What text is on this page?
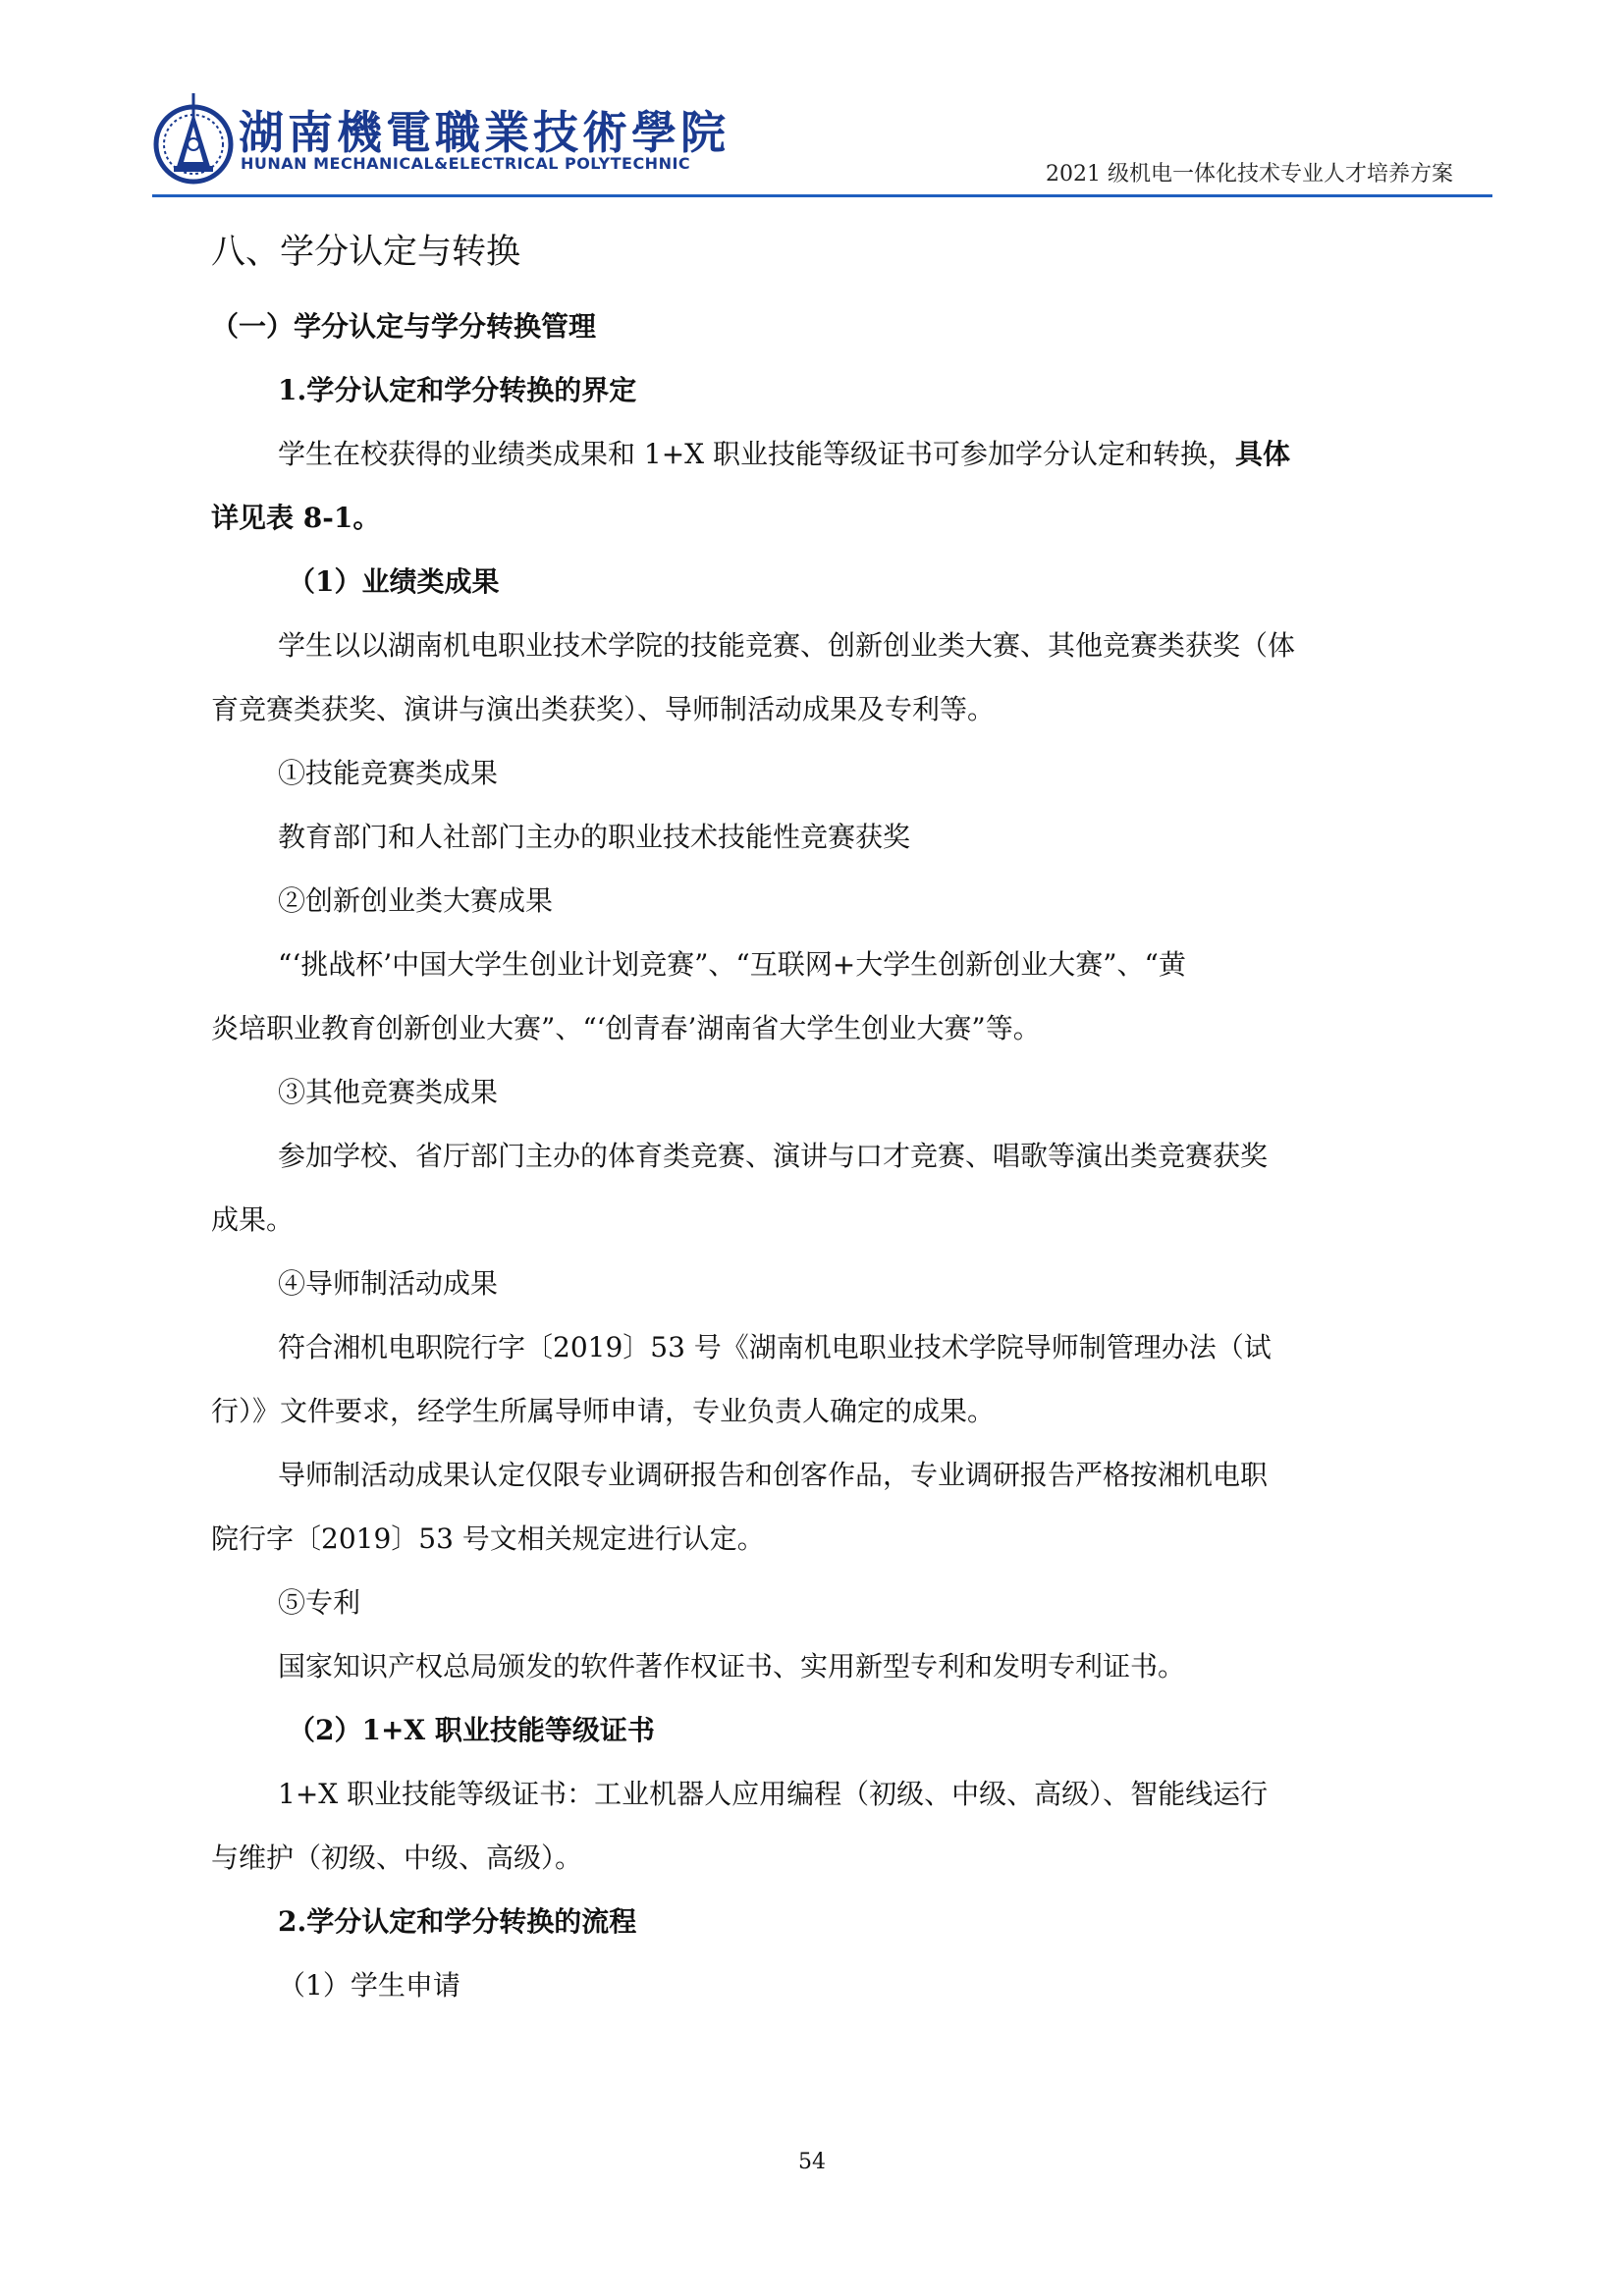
湖南機電職業技術學院
HUNAN MECHANICAL&ELECTRICAL POLYTECHNIC	2021 级机电一体化技术专业人才培养方案
八、学分认定与转换
（一）学分认定与学分转换管理
1.学分认定和学分转换的界定
学生在校获得的业绩类成果和 1+X 职业技能等级证书可参加学分认定和转换，具体
详见表 8-1。
（1）业绩类成果
学生以以湖南机电职业技术学院的技能竞赛、创新创业类大赛、其他竞赛类获奖（体
育竞赛类获奖、演讲与演出类获奖）、导师制活动成果及专利等。
①技能竞赛类成果
教育部门和人社部门主办的职业技术技能性竞赛获奖
②创新创业类大赛成果
“‘挑战杯’中国大学生创业计划竞赛”、“互联网+大学生创新创业大赛”、“黄
炎培职业教育创新创业大赛”、“‘创青春’湖南省大学生创业大赛”等。
③其他竞赛类成果
参加学校、省厅部门主办的体育类竞赛、演讲与口才竞赛、唱歌等演出类竞赛获奖
成果。
④导师制活动成果
符合湘机电职院行字〔2019〕53 号《湖南机电职业技术学院导师制管理办法（试
行）》文件要求，经学生所属导师申请，专业负责人确定的成果。
导师制活动成果认定仅限专业调研报告和创客作品，专业调研报告严格按湘机电职
院行字〔2019〕53 号文相关规定进行认定。
⑤专利
国家知识产权总局颁发的软件著作权证书、实用新型专利和发明专利证书。
（2）1+X 职业技能等级证书
1+X 职业技能等级证书：工业机器人应用编程（初级、中级、高级）、智能线运行
与维护（初级、中级、高级）。
2.学分认定和学分转换的流程
（1）学生申请
54
